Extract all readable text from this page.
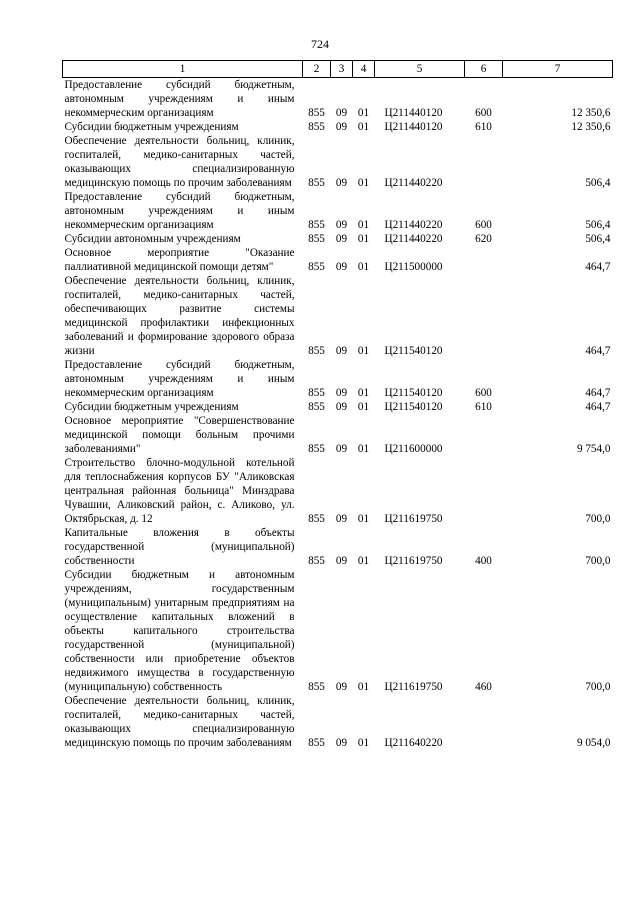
724
1	2	3	4	5	6	7
Предоставление субсидий бюджетным, автономным учреждениям и иным некоммерческим организациям	855	09	01	Ц211440120	600	12 350,6
Субсидии бюджетным учреждениям	855	09	01	Ц211440120	610	12 350,6
Обеспечение деятельности больниц, клиник, госпиталей, медико-санитарных частей, оказывающих специализированную медицинскую помощь по прочим заболеваниям	855	09	01	Ц211440220		506,4
Предоставление субсидий бюджетным, автономным учреждениям и иным некоммерческим организациям	855	09	01	Ц211440220	600	506,4
Субсидии автономным учреждениям	855	09	01	Ц211440220	620	506,4
Основное мероприятие "Оказание паллиативной медицинской помощи детям"	855	09	01	Ц211500000		464,7
Обеспечение деятельности больниц, клиник, госпиталей, медико-санитарных частей, обеспечивающих развитие системы медицинской профилактики инфекционных заболеваний и формирование здорового образа жизни	855	09	01	Ц211540120		464,7
Предоставление субсидий бюджетным, автономным учреждениям и иным некоммерческим организациям	855	09	01	Ц211540120	600	464,7
Субсидии бюджетным учреждениям	855	09	01	Ц211540120	610	464,7
Основное мероприятие "Совершенствование медицинской помощи больным прочими заболеваниями"	855	09	01	Ц211600000		9 754,0
Строительство блочно-модульной котельной для теплоснабжения корпусов БУ "Аликовская центральная районная больница" Минздрава Чувашии, Аликовский район, с. Аликово, ул. Октябрьская, д. 12	855	09	01	Ц211619750		700,0
Капитальные вложения в объекты государственной (муниципальной) собственности	855	09	01	Ц211619750	400	700,0
Субсидии бюджетным и автономным учреждениям, государственным (муниципальным) унитарным предприятиям на осуществление капитальных вложений в объекты капитального строительства государственной (муниципальной) собственности или приобретение объектов недвижимого имущества в государственную (муниципальную) собственность	855	09	01	Ц211619750	460	700,0
Обеспечение деятельности больниц, клиник, госпиталей, медико-санитарных частей, оказывающих специализированную медицинскую помощь по прочим заболеваниям	855	09	01	Ц211640220		9 054,0
